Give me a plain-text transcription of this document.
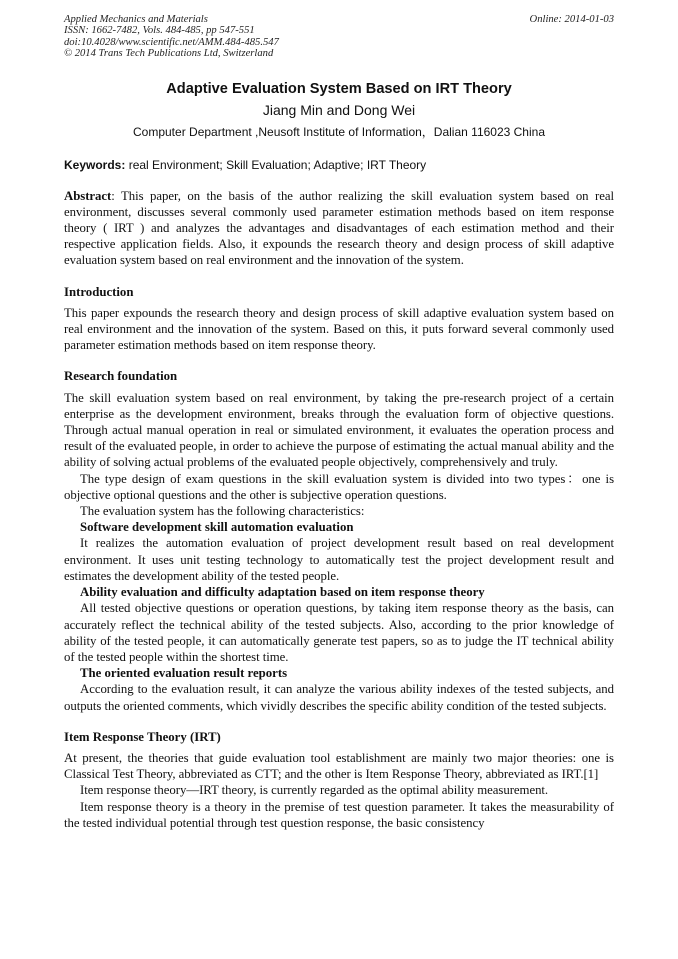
Applied Mechanics and Materials
ISSN: 1662-7482, Vols. 484-485, pp 547-551
doi:10.4028/www.scientific.net/AMM.484-485.547
© 2014 Trans Tech Publications Ltd, Switzerland
Online: 2014-01-03
Adaptive Evaluation System Based on IRT Theory
Jiang Min and Dong Wei
Computer Department ,Neusoft Institute of Information，Dalian 116023 China
Keywords: real Environment; Skill Evaluation; Adaptive; IRT Theory

Abstract: This paper, on the basis of the author realizing the skill evaluation system based on real environment, discusses several commonly used parameter estimation methods based on item response theory ( IRT ) and analyzes the advantages and disadvantages of each estimation method and their respective application fields. Also, it expounds the research theory and design process of skill adaptive evaluation system based on real environment and the innovation of the system.

Introduction

This paper expounds the research theory and design process of skill adaptive evaluation system based on real environment and the innovation of the system. Based on this, it puts forward several commonly used parameter estimation methods based on item response theory.

Research foundation

The skill evaluation system based on real environment, by taking the pre-research project of a certain enterprise as the development environment, breaks through the evaluation form of objective questions. Through actual manual operation in real or simulated environment, it evaluates the operation process and result of the evaluated people, in order to achieve the purpose of estimating the actual manual ability and the ability of solving actual problems of the evaluated people objectively, comprehensively and truly.

The type design of exam questions in the skill evaluation system is divided into two types：one is objective optional questions and the other is subjective operation questions.

The evaluation system has the following characteristics:

Software development skill automation evaluation

It realizes the automation evaluation of project development result based on real development environment. It uses unit testing technology to automatically test the project development result and estimates the development ability of the tested people.

Ability evaluation and difficulty adaptation based on item response theory

All tested objective questions or operation questions, by taking item response theory as the basis, can accurately reflect the technical ability of the tested subjects. Also, according to the prior knowledge of ability of the tested people, it can automatically generate test papers, so as to judge the IT technical ability of the tested people within the shortest time.

The oriented evaluation result reports

According to the evaluation result, it can analyze the various ability indexes of the tested subjects, and outputs the oriented comments, which vividly describes the specific ability condition of the tested subjects.

Item Response Theory (IRT)

At present, the theories that guide evaluation tool establishment are mainly two major theories: one is Classical Test Theory, abbreviated as CTT; and the other is Item Response Theory, abbreviated as IRT.[1]

Item response theory—IRT theory, is currently regarded as the optimal ability measurement.

Item response theory is a theory in the premise of test question parameter. It takes the measurability of the tested individual potential through test question response, the basic consistency
